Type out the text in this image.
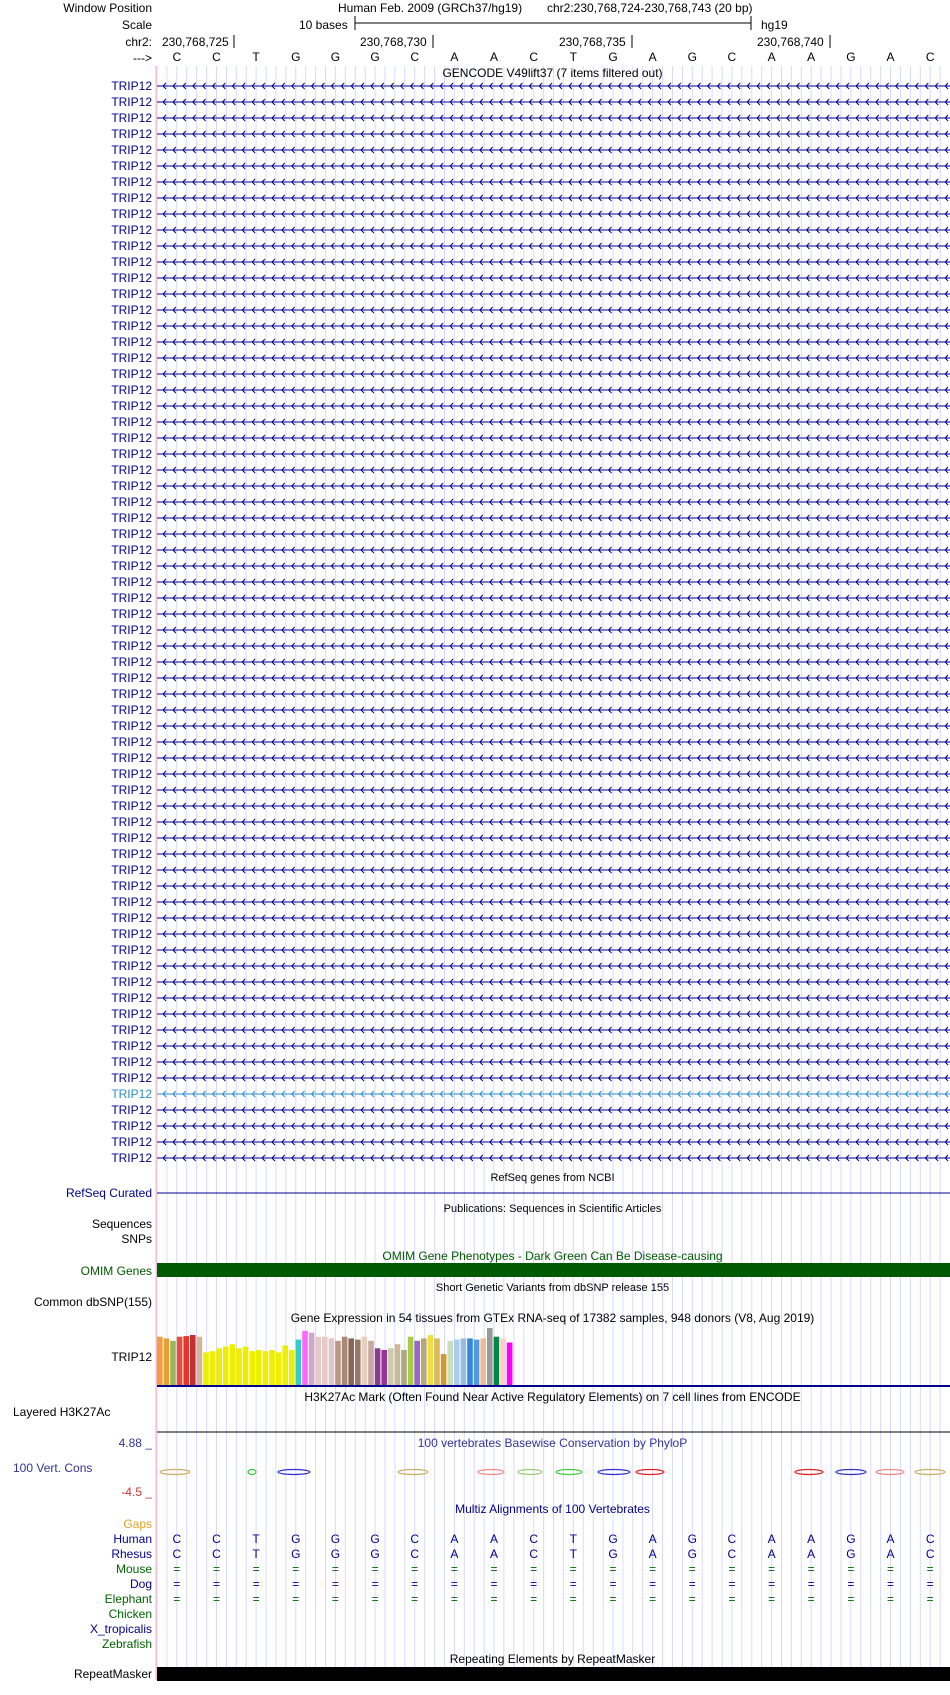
Window Position	Human Feb. 2009 (GRCh37/hg19) chr2:230,768,724-230,768,743 (20 bp)
Scale	10 bases	hg19
chr2: 230,768,725	230,768,730	230,768,735	230,768,740
--->	C	C	T	G	G	G	C	A	A	C	T	G	A	G	C	A	A	G	A	C
GENCODE V49lift37 (7 items filtered out)
TRIP12
TRIP12
TRIP12
TRIP12
TRIP12
TRIP12
TRIP12
TRIP12
TRIP12
TRIP12
TRIP12
TRIP12
TRIP12
TRIP12
TRIP12
TRIP12
TRIP12
TRIP12
TRIP12
TRIP12
TRIP12
TRIP12
TRIP12
TRIP12
TRIP12
TRIP12
TRIP12
TRIP12
TRIP12
TRIP12
TRIP12
TRIP12
TRIP12
TRIP12
TRIP12
TRIP12
TRIP12
TRIP12
TRIP12
TRIP12
TRIP12
TRIP12
TRIP12
TRIP12
TRIP12
TRIP12
TRIP12
TRIP12
TRIP12
TRIP12
TRIP12
TRIP12
TRIP12
TRIP12
TRIP12
TRIP12
TRIP12
TRIP12
TRIP12
TRIP12
TRIP12
TRIP12
TRIP12
TRIP12
TRIP12
TRIP12
TRIP12
TRIP12
RefSeq genes from NCBI
RefSeq Curated
Publications: Sequences in Scientific Articles
Sequences
SNPs
OMIM Gene Phenotypes - Dark Green Can Be Disease-causing
OMIM Genes
Short Genetic Variants from dbSNP release 155
Common dbSNP(155)
Gene Expression in 54 tissues from GTEx RNA-seq of 17382 samples, 948 donors (V8, Aug 2019)
TRIP12
H3K27Ac Mark (Often Found Near Active Regulatory Elements) on 7 cell lines from ENCODE
Layered H3K27Ac
100 vertebrates Basewise Conservation by PhyloP
4.88 _
100 Vert. Cons
-4.5 _
Multiz Alignments of 100 Vertebrates
Gaps
Human	C	C	T	G	G	G	C	A	A	C	T	G	A	G	C	A	A	G	A	C
Rhesus	C	C	T	G	G	G	C	A	A	C	T	G	A	G	C	A	A	G	A	C
Mouse	=	=	=	=	=	=	=	=	=	=	=	=	=	=	=	=	=	=	=	=
Dog	=	=	=	=	=	=	=	=	=	=	=	=	=	=	=	=	=	=	=	=
Elephant	=	=	=	=	=	=	=	=	=	=	=	=	=	=	=	=	=	=	=	=
Chicken
X_tropicalis
Zebrafish
Repeating Elements by RepeatMasker
RepeatMasker
